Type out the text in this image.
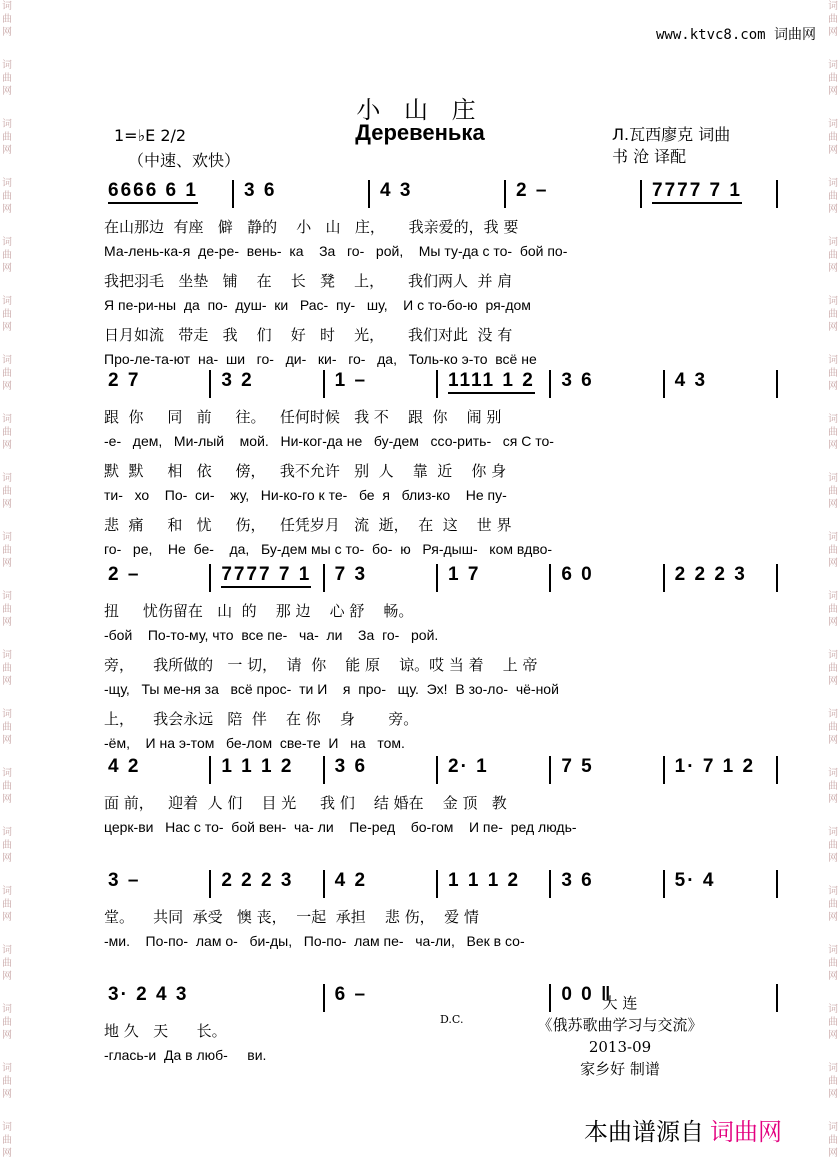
词曲网
词曲网
词曲网
词曲网
词曲网
词曲网
词曲网
词曲网
词曲网
词曲网
词曲网
词曲网
词曲网
词曲网
词曲网
词曲网
词曲网
词曲网
词曲网
词曲网
词曲网
词曲网
词曲网
词曲网
词曲网
词曲网
词曲网
词曲网
词曲网
词曲网
词曲网
词曲网
词曲网
词曲网
词曲网
词曲网
词曲网
词曲网
词曲网
词曲网
www.ktvc8.com 词曲网
小 山 庄
Деревенька
1=♭E 2/2
（中速、欢快）
Л.瓦西廖克 词曲
书 沧 译配
6666 6 1 3 6	4 3	2 –	7777 7 1
在山那边  有座   僻   静的    小   山   庄，     我亲爱的，我 要
Ма-лень-ка-я  де-ре-  вень-  ка    За   го-   рой,    Мы ту-да с то-  бой по-
我把羽毛   坐垫   铺    在    长   凳    上，     我们两人  并 肩
Я пе-ри-ны  да  по-  душ-  ки   Рас-  пу-   шу,    И с то-бо-ю  ря-дом
日月如流   带走   我    们    好   时    光，     我们对此  没 有
Про-ле-та-ют  на-  ши   го-   ди-   ки-   го-   да,   Толь-ко э-то  всё не
2 7	3 2	1 –	1111 1 2 3 6	4 3
跟  你     同   前     往。   任何时候   我 不    跟  你    闹 别
-е-   дем,   Ми-лый    мой.   Ни-ког-да не   бу-дем   ссо-рить-   ся С то-
默  默     相   依     傍，   我不允许   别  人    靠  近    你 身
ти-   хо    По-  си-    жу,   Ни-ко-го к те-   бе  я   близ-ко    Не пу-
悲  痛     和   忧     伤，   任凭岁月   流  逝，  在  这    世 界
го-   ре,    Не  бе-    да,   Бу-дем мы с то-  бо-  ю   Ря-дыш-   ком вдво-
2 –	7777 7 1 7 3	1 7	6 0	2 2 2 3
扭     忧伤留在   山  的    那 边    心 舒    畅。
-бой    По-то-му, что  все пе-   ча-  ли    За  го-   рой.
旁，    我所做的   一 切，  请  你    能 原    谅。哎 当 着    上 帝
-щу,   Ты ме-ня за   всё прос-  ти И    я  про-   щу.  Эх!  В зо-ло-  чё-ной
上，    我会永远   陪  伴    在 你    身       旁。
-ём,    И на э-том   бе-лом  све-те  И   на   том.
4 2	1 1 1 2 3 6	2· 1	7 5	1· 7 1 2
面 前，   迎着  人 们    目 光     我 们    结 婚在    金 顶   教
церк-ви   Нас с то-  бой вен-  ча- ли    Пе-ред    бо-гом    И пе-  ред людь-
3 –	2 2 2 3 4 2	1 1 1 2 3 6	5· 4
堂。    共同  承受   懊 丧，  一起  承担    悲 伤，  爱 情
-ми.    По-по-  лам о-   би-ды,   По-по-  лам пе-   ча-ли,   Век в со-
3· 2 4 3	6 –	0 0 ‖
地 久   天      长。
-глась-и  Да в люб-     ви.
D.C.
大 连
《俄苏歌曲学习与交流》
2013-09
家乡好 制谱
本曲谱源自 词曲网
